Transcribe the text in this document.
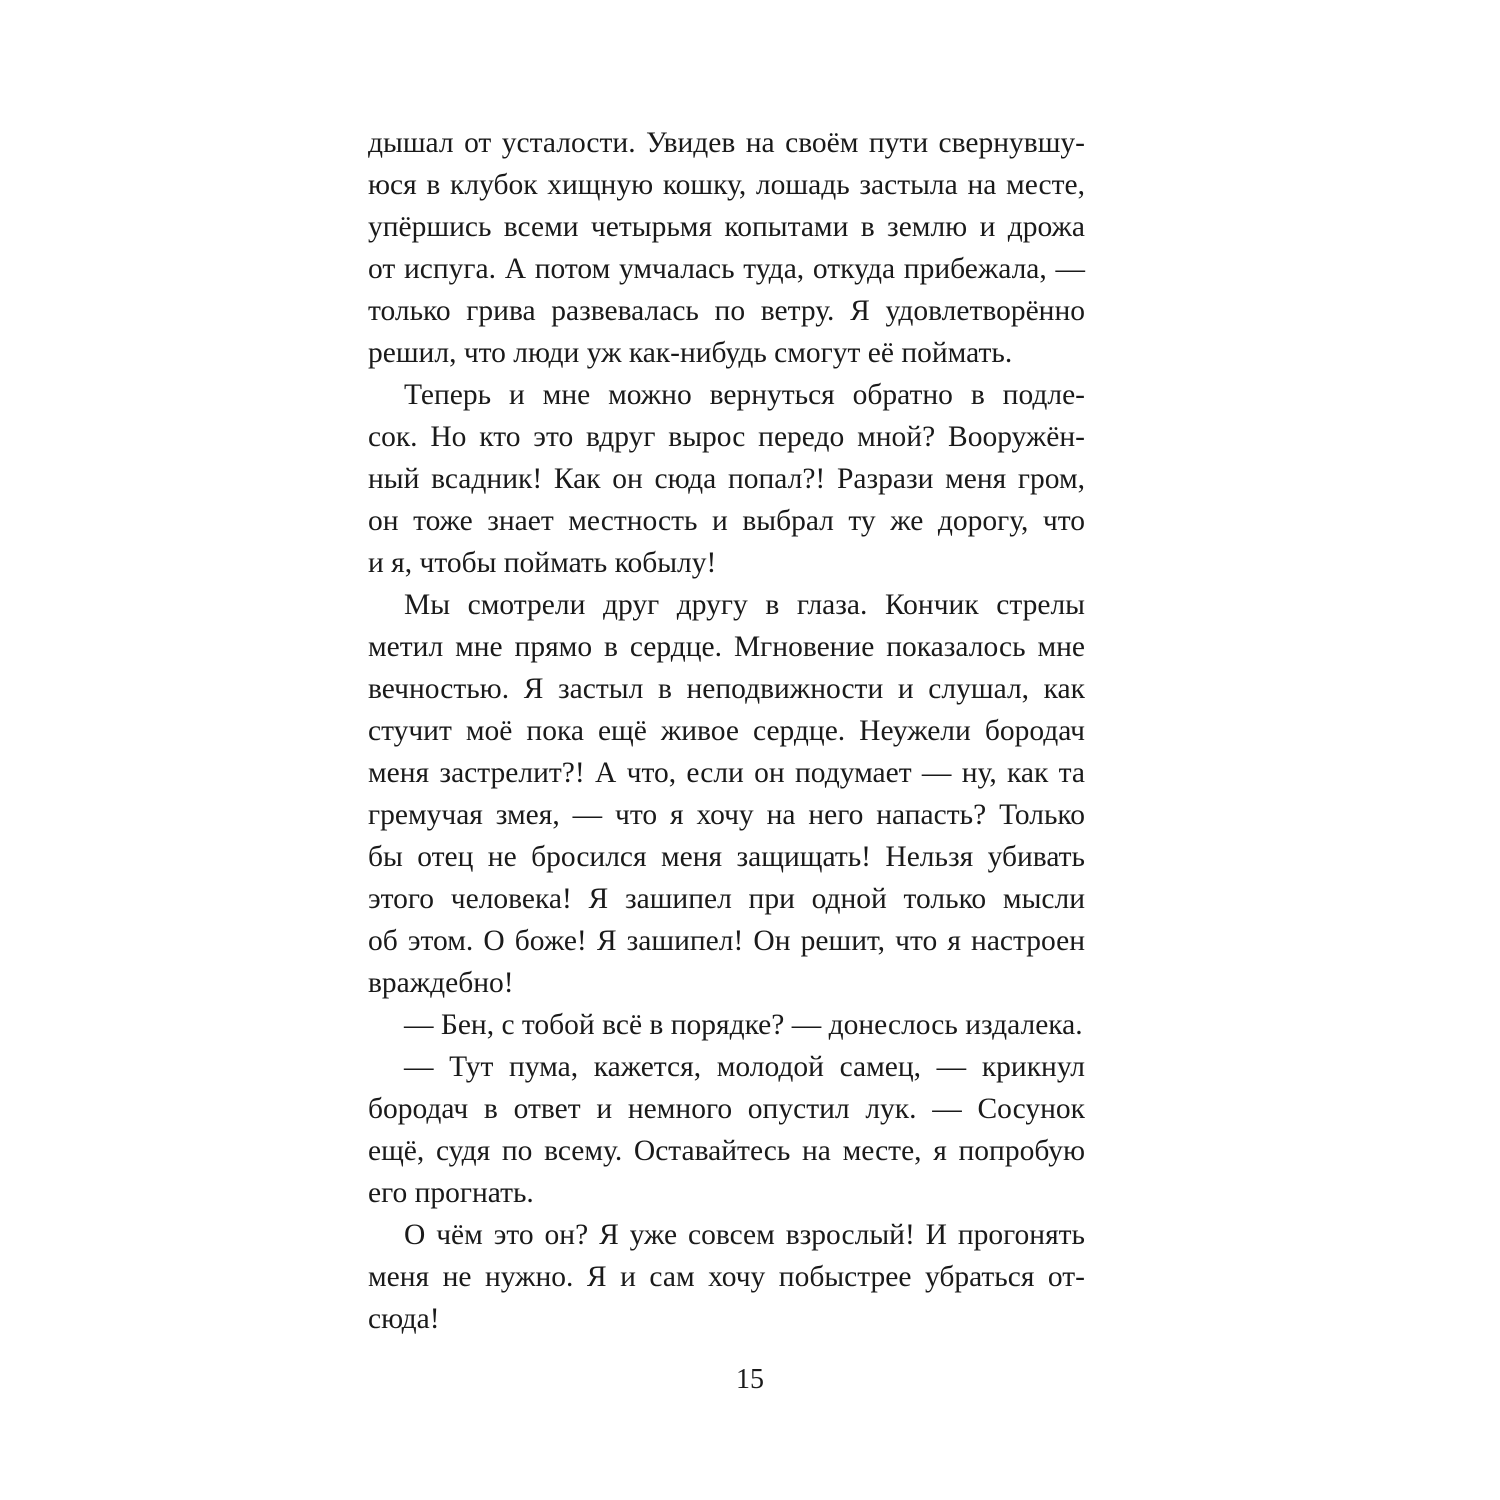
дышал от усталости. Увидев на своём пути свернувшу-
юся в клубок хищную кошку, лошадь застыла на месте,
упёршись всеми четырьмя копытами в землю и дрожа
от испуга. А потом умчалась туда, откуда прибежала, —
только грива развевалась по ветру. Я удовлетворённо
решил, что люди уж как-нибудь смогут её поймать.
Теперь и мне можно вернуться обратно в подле-
сок. Но кто это вдруг вырос передо мной? Вооружён-
ный всадник! Как он сюда попал?! Разрази меня гром,
он тоже знает местность и выбрал ту же дорогу, что
и я, чтобы поймать кобылу!
Мы смотрели друг другу в глаза. Кончик стрелы
метил мне прямо в сердце. Мгновение показалось мне
вечностью. Я застыл в неподвижности и слушал, как
стучит моё пока ещё живое сердце. Неужели бородач
меня застрелит?! А что, если он подумает — ну, как та
гремучая змея, — что я хочу на него напасть? Только
бы отец не бросился меня защищать! Нельзя убивать
этого человека! Я зашипел при одной только мысли
об этом. О боже! Я зашипел! Он решит, что я настроен
враждебно!
— Бен, с тобой всё в порядке? — донеслось издалека.
— Тут пума, кажется, молодой самец, — крикнул
бородач в ответ и немного опустил лук. — Сосунок
ещё, судя по всему. Оставайтесь на месте, я попробую
его прогнать.
О чём это он? Я уже совсем взрослый! И прогонять
меня не нужно. Я и сам хочу побыстрее убраться от-
сюда!
15
